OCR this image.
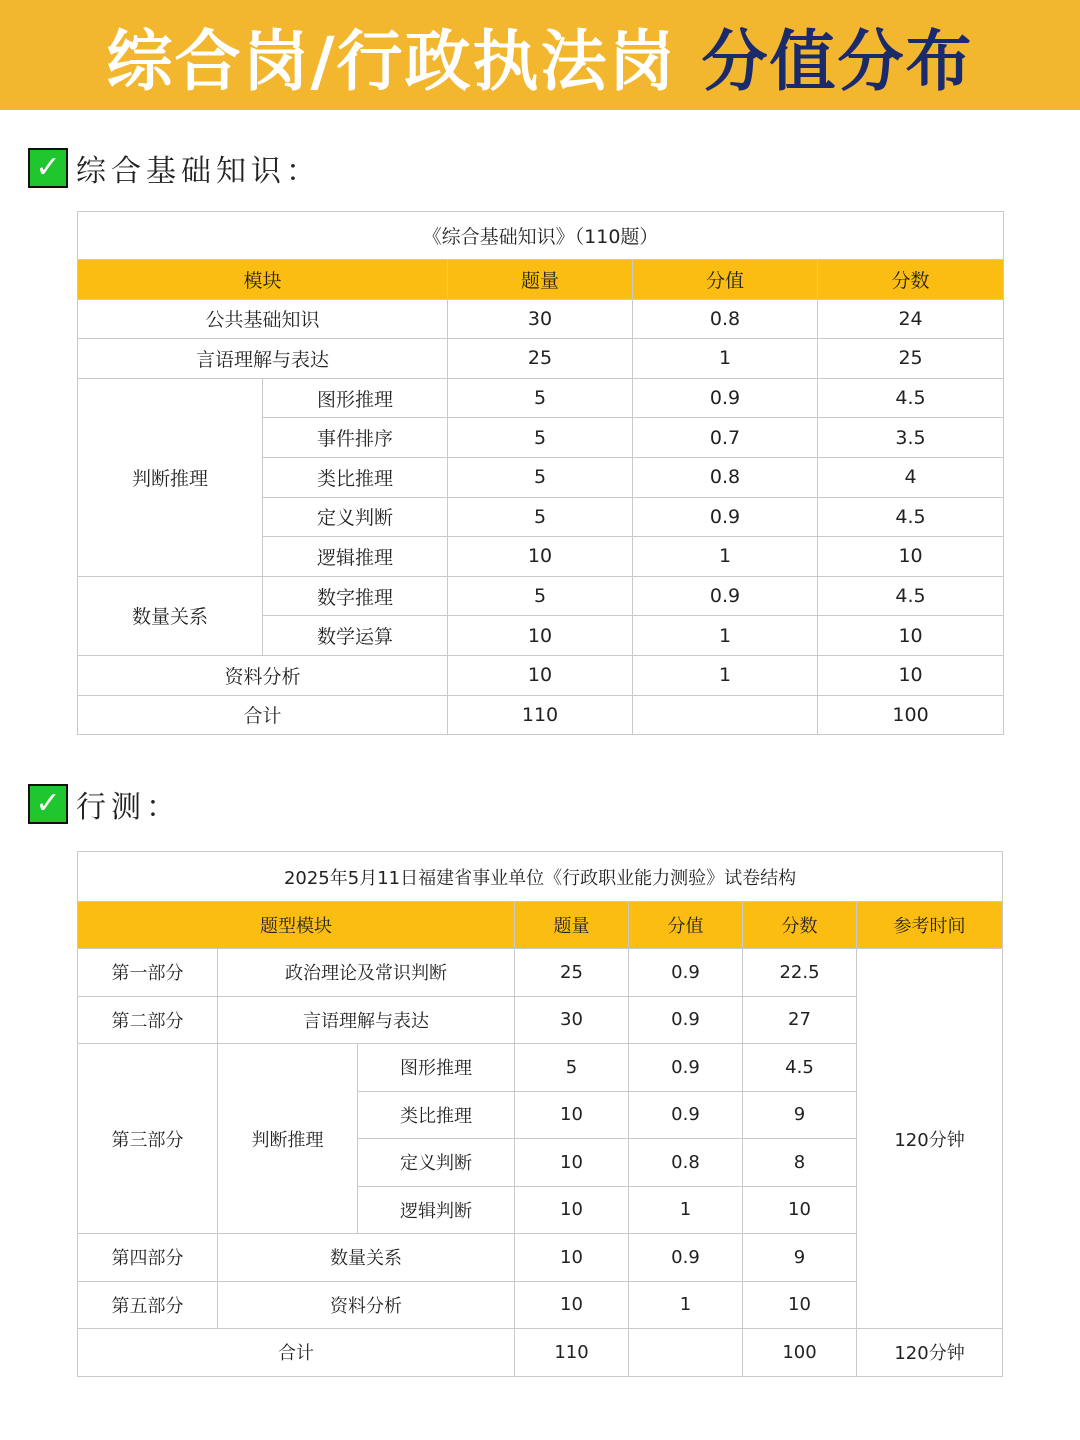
综合岗/行政执法岗 分值分布
✓ 综合基础知识：
《综合基础知识》（110题）				
模块		题量	分值	分数
公共基础知识		30	0.8	24
言语理解与表达		25	1	25
判断推理	图形推理	5	0.9	4.5
	事件排序	5	0.7	3.5
	类比推理	5	0.8	4
	定义判断	5	0.9	4.5
	逻辑推理	10	1	10
数量关系	数字推理	5	0.9	4.5
	数学运算	10	1	10
资料分析		10	1	10
合计		110		100
✓ 行测：
2025年5月11日福建省事业单位《行政职业能力测验》试卷结构						
题型模块			题量	分值	分数	参考时间
第一部分	政治理论及常识判断		25	0.9	22.5	120分钟
第二部分	言语理解与表达		30	0.9	27	
第三部分	判断推理	图形推理	5	0.9	4.5	
		类比推理	10	0.9	9	
		定义判断	10	0.8	8	
		逻辑判断	10	1	10	
第四部分	数量关系		10	0.9	9	
第五部分	资料分析		10	1	10	
合计			110		100	120分钟
